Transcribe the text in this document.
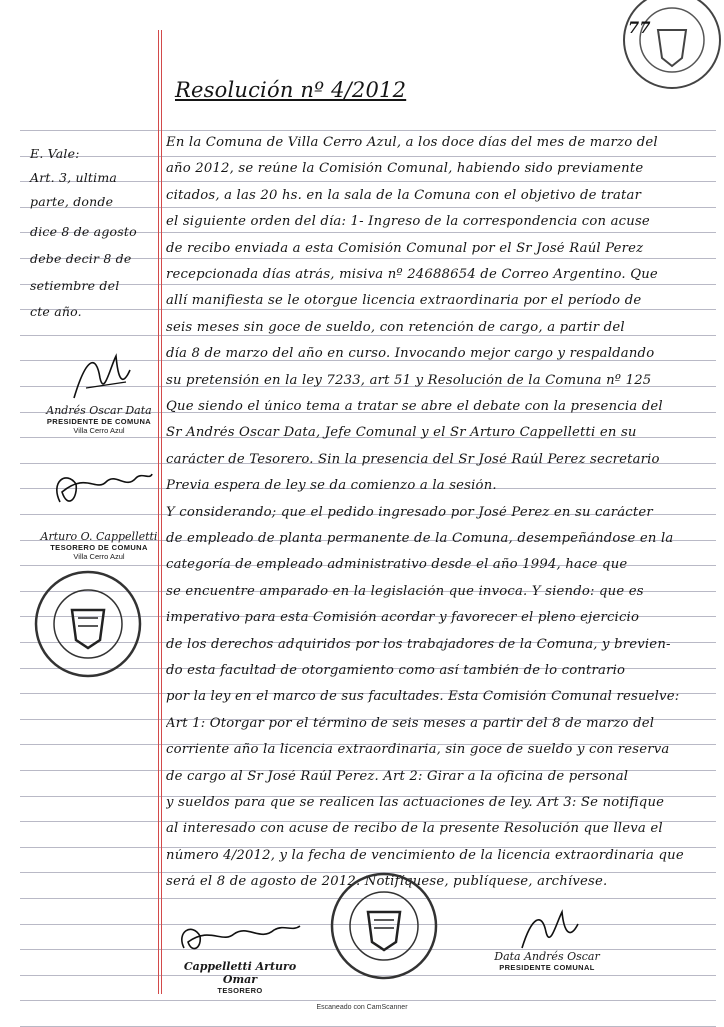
77
Resolución nº 4/2012
E. Vale:
Art. 3, ultima
parte, donde
dice 8 de agosto
debe decir 8 de
setiembre del
cte año.
En la Comuna de Villa Cerro Azul, a los doce días del mes de marzo del
año 2012, se reúne la Comisión Comunal, habiendo sido previamente
citados, a las 20 hs. en la sala de la Comuna con el objetivo de tratar
el siguiente orden del día: 1- Ingreso de la correspondencia con acuse
de recibo enviada a esta Comisión Comunal por el Sr José Raúl Perez
recepcionada días atrás, misiva nº 24688654 de Correo Argentino. Que
allí manifiesta se le otorgue licencia extraordinaria por el período de
seis meses sin goce de sueldo, con retención de cargo, a partir del
día 8 de marzo del año en curso. Invocando mejor cargo y respaldando
su pretensión en la ley 7233, art 51 y Resolución de la Comuna nº 125
Que siendo el único tema a tratar se abre el debate con la presencia del
Sr Andrés Oscar Data, Jefe Comunal y el Sr Arturo Cappelletti en su
carácter de Tesorero. Sin la presencia del Sr José Raúl Perez secretario
Previa espera de ley se da comienzo a la sesión.
Y considerando; que el pedido ingresado por José Perez en su carácter
de empleado de planta permanente de la Comuna, desempeñándose en la
categoría de empleado administrativo desde el año 1994, hace que
se encuentre amparado en la legislación que invoca. Y siendo: que es
imperativo para esta Comisión acordar y favorecer el pleno ejercicio
de los derechos adquiridos por los trabajadores de la Comuna, y brevien-
do esta facultad de otorgamiento como así también de lo contrario
por la ley en el marco de sus facultades. Esta Comisión Comunal resuelve:
Art 1: Otorgar por el término de seis meses a partir del 8 de marzo del
corriente año la licencia extraordinaria, sin goce de sueldo y con reserva
de cargo al Sr José Raúl Perez. Art 2: Girar a la oficina de personal
y sueldos para que se realicen las actuaciones de ley. Art 3: Se notifique
al interesado con acuse de recibo de la presente Resolución que lleva el
número 4/2012, y la fecha de vencimiento de la licencia extraordinaria que
será el 8 de agosto de 2012. Notifíquese, publíquese, archívese.
Andrés Oscar Data
PRESIDENTE DE COMUNA
Villa Cerro Azul
Arturo O. Cappelletti
TESORERO DE COMUNA
Villa Cerro Azul
Cappelletti Arturo Omar
TESORERO
Data Andrés Oscar
PRESIDENTE COMUNAL
Escaneado con CamScanner
